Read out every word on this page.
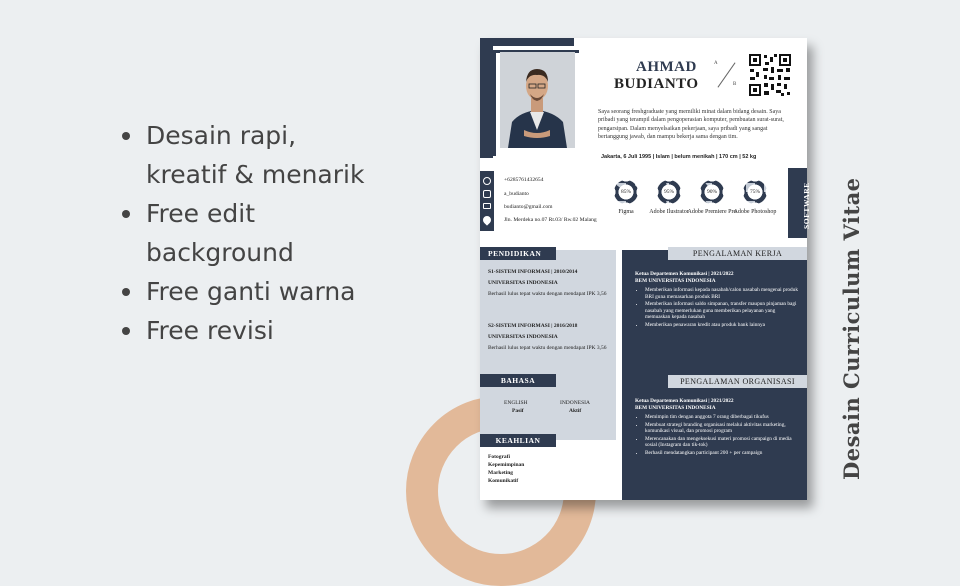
Desain rapi, kreatif & menarik
Free edit background
Free ganti warna
Free revisi	Desain Curriculum Vitae
AHMAD
BUDIANTO
A
B
Saya seorang freshgraduate yang memiliki minat dalam bidang desain. Saya pribadi yang terampil dalam pengoperasian komputer, pembuatan surat-surat, pengarsipan. Dalam menyelsaikan pekerjaan, saya pribadi yang sangat bertanggung jawab, dan mampu bekerja sama dengan tim.
Jakarta, 6 Juli 1995 | Islam | belum menikah | 170 cm | 52 kg
+6285761432654
a_budianto
budianto@gmail.com
Jln. Merdeka no.07 Rt.03/ Rw.02 Malang	SOFTWARE
85%
Figma
95%
Adobe Ilustrator
90%
Adobe Premiere Pro
75%
Adobe Photoshop
PENDIDIKAN
S1-SISTEM INFORMASI | 2010/2014
UNIVERSITAS INDONESIA
Berhasil lulus tepat waktu dengan mendapat IPK 3,56
S2-SISTEM INFORMASI | 2016/2018
UNIVERSITAS INDONESIA
Berhasil lulus tepat waktu dengan mendapat IPK 3,56
BAHASA
ENGLISH
Pasif
INDONESIA
Aktif
KEAHLIAN
Fotografi
Kepemimpinan
Marketing
Komunikatif
PENGALAMAN KERJA
Ketua Departemen Komunikasi | 2021/2022
BEM UNIVERSITAS INDONESIA
• Memberikan informasi kepada nasabah/calon nasabah mengenai produk BRI guna memasarkan produk BRI
• Memberikan informasi saldo simpanan, transfer maupun pinjaman bagi nasabah yang memerlukan guna memberikan pelayanan yang memuaskan kepada nasabah
• Memberikan penawaran kredit atau produk bank lainnya
PENGALAMAN ORGANISASI
Ketua Departemen Komunikasi | 2021/2022
BEM UNIVERSITAS INDONESIA
• Memimpin tim dengan anggota 7 orang diberbagai tikufus
• Membuat strategi branding organisasi melalui aktivitas marketing, komunikasi visual, dan promosi program
• Merencanakan dan mengeksekusi materi promosi campaign di media sosial (Instagram dan tik-tok)
• Berhasil mendatangkan participant 200 + per campaign
